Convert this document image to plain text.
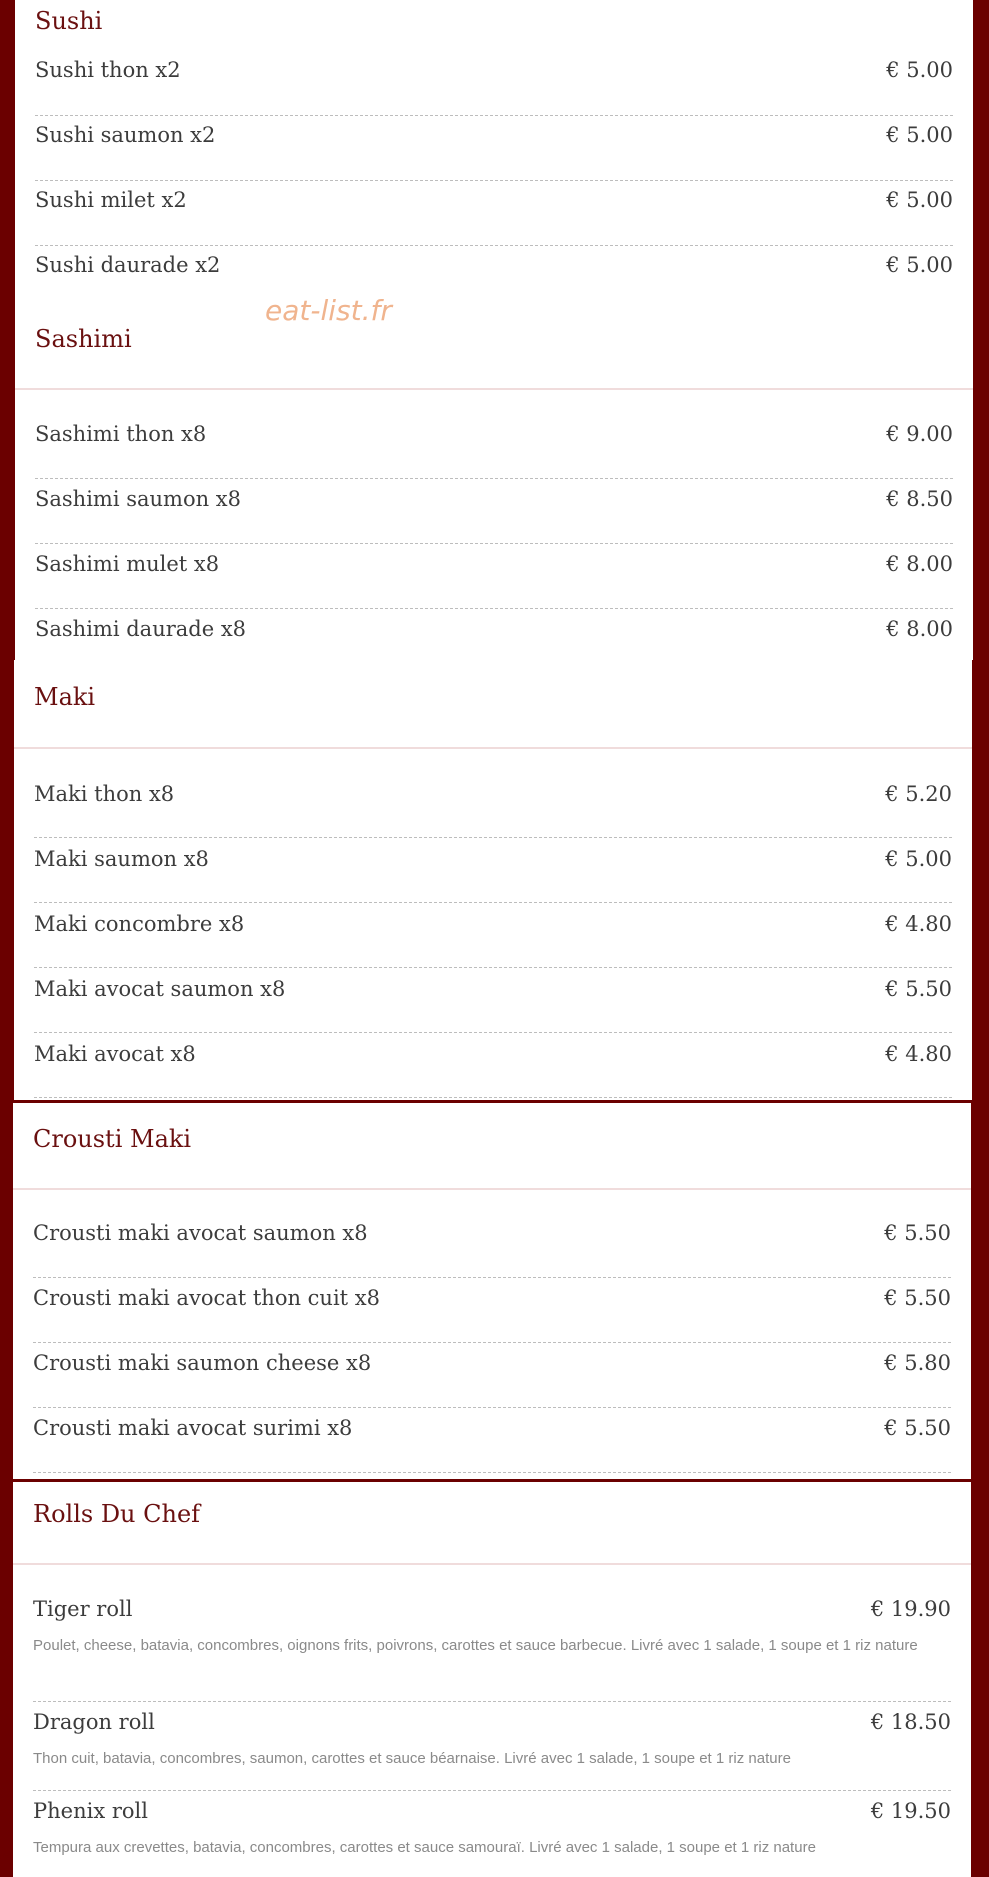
Sushi
Sushi thon x2	€ 5.00
Sushi saumon x2	€ 5.00
Sushi milet x2	€ 5.00
Sushi daurade x2	€ 5.00
Sashimi
Sashimi thon x8	€ 9.00
Sashimi saumon x8	€ 8.50
Sashimi mulet x8	€ 8.00
Sashimi daurade x8	€ 8.00
Maki
Maki thon x8	€ 5.20
Maki saumon x8	€ 5.00
Maki concombre x8	€ 4.80
Maki avocat saumon x8	€ 5.50
Maki avocat x8	€ 4.80
Crousti Maki
Crousti maki avocat saumon x8	€ 5.50
Crousti maki avocat thon cuit x8	€ 5.50
Crousti maki saumon cheese x8	€ 5.80
Crousti maki avocat surimi x8	€ 5.50
Rolls Du Chef
Tiger roll	€ 19.90

Poulet, cheese, batavia, concombres, oignons frits, poivrons, carottes et sauce barbecue. Livré avec 1 salade, 1 soupe et 1 riz nature

Dragon roll	€ 18.50

Thon cuit, batavia, concombres, saumon, carottes et sauce béarnaise. Livré avec 1 salade, 1 soupe et 1 riz nature

Phenix roll	€ 19.50

Tempura aux crevettes, batavia, concombres, carottes et sauce samouraï. Livré avec 1 salade, 1 soupe et 1 riz nature

eat-list.fr
